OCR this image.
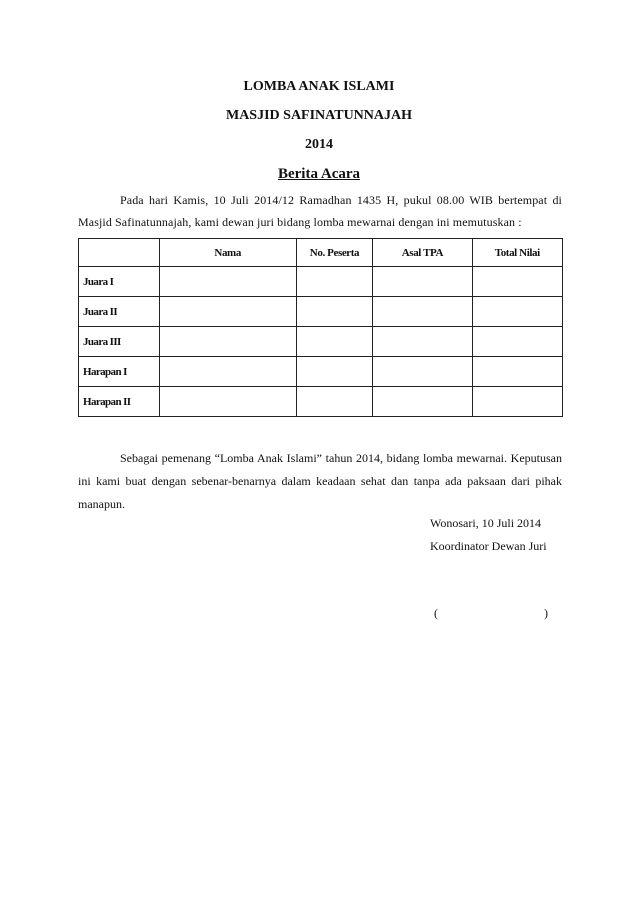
LOMBA ANAK ISLAMI
MASJID SAFINATUNNAJAH
2014
Berita Acara
Pada hari Kamis, 10 Juli 2014/12 Ramadhan 1435 H, pukul 08.00 WIB bertempat di Masjid Safinatunnajah, kami dewan juri bidang lomba mewarnai dengan ini memutuskan :
	Nama	No. Peserta	Asal TPA	Total Nilai
Juara I				
Juara II				
Juara III				
Harapan I				
Harapan II				
Sebagai pemenang “Lomba Anak Islami” tahun 2014, bidang lomba mewarnai. Keputusan ini kami buat dengan sebenar-benarnya dalam keadaan sehat dan tanpa ada paksaan dari pihak manapun.
Wonosari, 10 Juli 2014
Koordinator Dewan Juri
(	)
